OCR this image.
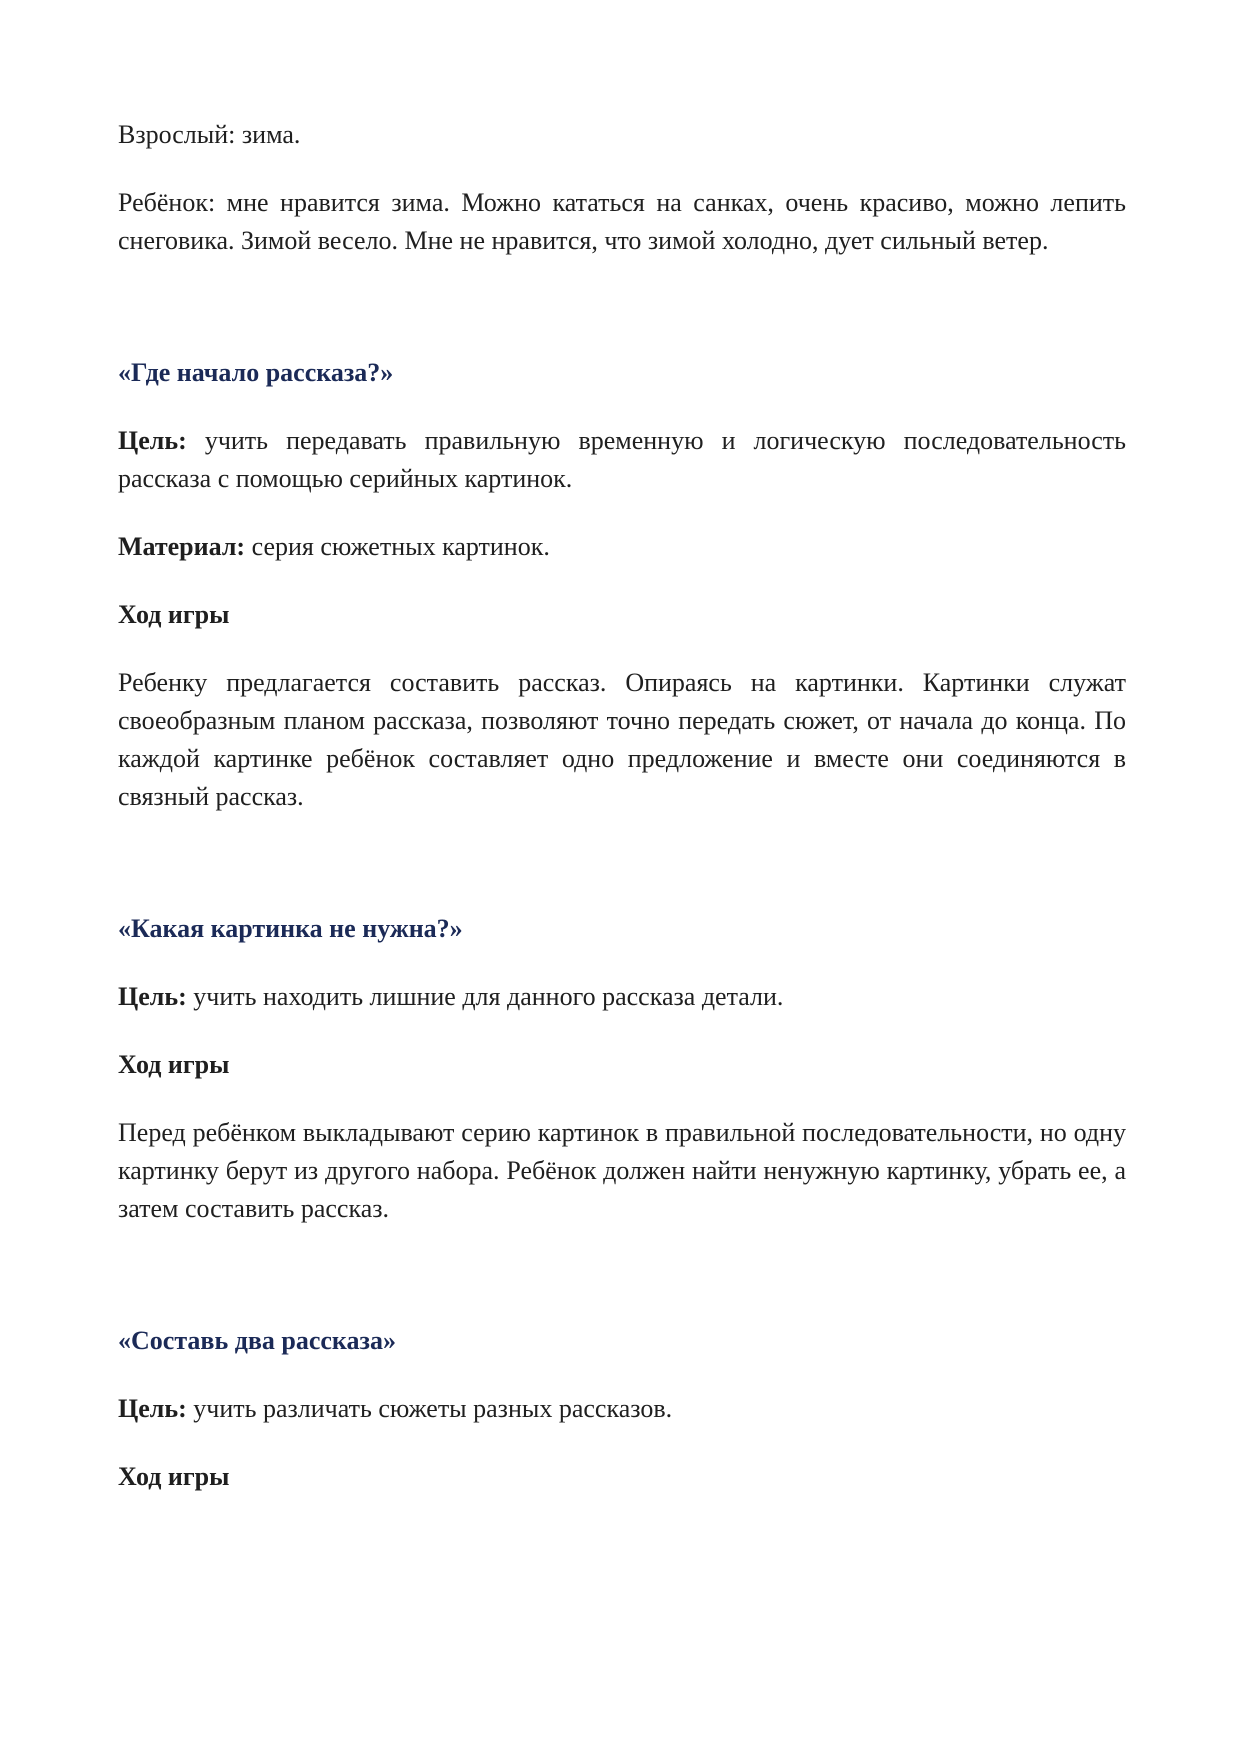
Взрослый: зима.

Ребёнок: мне нравится зима. Можно кататься на санках, очень красиво, можно лепить снеговика. Зимой весело. Мне не нравится, что зимой холодно, дует сильный ветер.

«Где начало рассказа?»

Цель: учить передавать правильную временную и логическую последовательность рассказа с помощью серийных картинок.

Материал: серия сюжетных картинок.

Ход игры

Ребенку предлагается составить рассказ. Опираясь на картинки. Картинки служат своеобразным планом рассказа, позволяют точно передать сюжет, от начала до конца. По каждой картинке ребёнок составляет одно предложение и вместе они соединяются в связный рассказ.

«Какая картинка не нужна?»

Цель: учить находить лишние для данного рассказа детали.

Ход игры

Перед ребёнком выкладывают серию картинок в правильной последовательности, но одну картинку берут из другого набора. Ребёнок должен найти ненужную картинку, убрать ее, а затем составить рассказ.

«Составь два рассказа»

Цель: учить различать сюжеты разных рассказов.

Ход игры
